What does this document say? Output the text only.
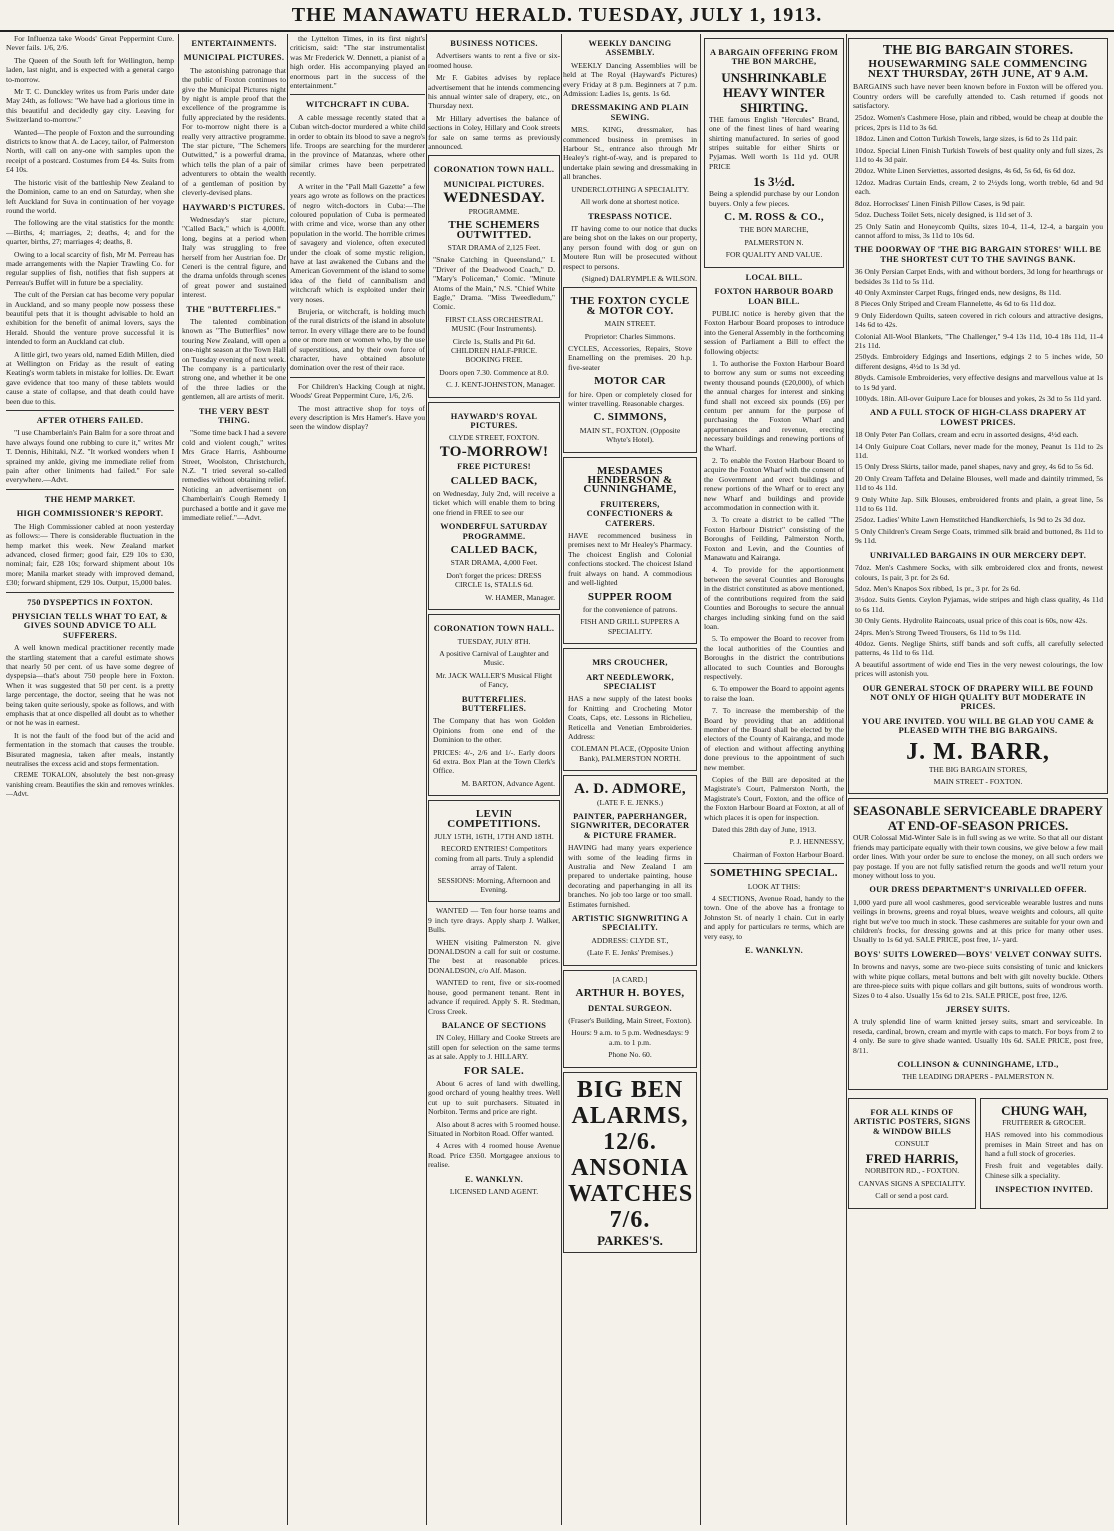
THE MANAWATU HERALD. TUESDAY, JULY 1, 1913.

For Influenza take Woods' Great Peppermint Cure. Never fails. 1/6, 2/6.

The Queen of the South left for Wellington, hemp laden, last night, and is expected with a general cargo to-morrow.

Mr T. C. Dunckley writes us from Paris under date May 24th, as follows: "We have had a glorious time in this beautiful and decidedly gay city. Leaving for Switzerland to-morrow."

Wanted—The people of Foxton and the surrounding districts to know that A. de Lacey, tailor, of Palmerston North, will call on any-one with samples upon the receipt of a postcard. Costumes from £4 4s. Suits from £4 10s.

The historic visit of the battleship New Zealand to the Dominion, came to an end on Saturday, when she left Auckland for Suva in continuation of her voyage round the world.

The following are the vital statistics for the month:—Births, 4; marriages, 2; deaths, 4; and for the quarter, births, 27; marriages 4; deaths, 8.

Owing to a local scarcity of fish, Mr M. Perreau has made arrangements with the Napier Trawling Co. for regular supplies of fish, notifies that fish suppers at Perreau's Buffet will in future be a speciality.

The cult of the Persian cat has become very popular in Auckland, and so many people now possess these beautiful pets that it is thought advisable to hold an exhibition for the benefit of animal lovers, says the Herald. Should the venture prove successful it is intended to form an Auckland cat club.

A little girl, two years old, named Edith Millen, died at Wellington on Friday as the result of eating Keating's worm tablets in mistake for lollies. Dr. Ewart gave evidence that too many of these tablets would cause a state of collapse, and that death could have been due to this.

AFTER OTHERS FAILED.

"I use Chamberlain's Pain Balm for a sore throat and have always found one rubbing to cure it," writes Mr T. Dennis, Hihitaki, N.Z. "It worked wonders when I sprained my ankle, giving me immediate relief from pain after other liniments had failed." For sale everywhere.—Advt.

THE HEMP MARKET.
HIGH COMMISSIONER'S REPORT.

The High Commissioner cabled at noon yesterday as follows:— There is considerable fluctuation in the hemp market this week. New Zealand market advanced, closed firmer; good fair, £29 10s to £30, nominal; fair, £28 10s; forward shipment about 10s more; Manila market steady with improved demand, £30; forward shipment, £29 10s. Output, 15,000 bales.

750 DYSPEPTICS IN FOXTON.
PHYSICIAN TELLS WHAT TO EAT, & GIVES SOUND ADVICE TO ALL SUFFERERS.

A well known medical practitioner recently made the startling statement that a careful estimate shows that nearly 50 per cent. of us have some degree of dyspepsia—that's about 750 people here in Foxton. When it was suggested that 50 per cent. is a pretty large percentage, the doctor, seeing that he was not being taken quite seriously, spoke as follows, and with emphasis that at once dispelled all doubt as to whether or not he was in earnest.

It is not the fault of the food but of the acid and fermentation in the stomach that causes the trouble. Bisurated magnesia, taken after meals, instantly neutralises the excess acid and stops fermentation.

CREME TOKALON, absolutely the best non-greasy vanishing cream. Beautifies the skin and removes wrinkles.—Advt.

ENTERTAINMENTS.
MUNICIPAL PICTURES.

The astonishing patronage that the public of Foxton continues to give the Municipal Pictures night by night is ample proof that the excellence of the programme is fully appreciated by the residents. For to-morrow night there is a really very attractive programme. The star picture, "The Schemers Outwitted," is a powerful drama, which tells the plan of a pair of adventurers to obtain the wealth of a gentleman of position by cleverly-devised plans.

HAYWARD'S PICTURES.

Wednesday's star picture, "Called Back," which is 4,000ft. long, begins at a period when Italy was struggling to free herself from her Austrian foe. Dr Ceneri is the central figure, and the drama unfolds through scenes of great power and sustained interest.

THE "BUTTERFLIES."

The talented combination known as "The Butterflies" now touring New Zealand, will open a one-night season at the Town Hall on Tuesday evening of next week. The company is a particularly strong one, and whether it be one of the three ladies or the gentlemen, all are artists of merit.

THE VERY BEST THING.

"Some time back I had a severe cold and violent cough," writes Mrs Grace Harris, Ashbourne Street, Woolston, Christchurch, N.Z. "I tried several so-called remedies without obtaining relief. Noticing an advertisement on Chamberlain's Cough Remedy I purchased a bottle and it gave me immediate relief."—Advt.

the Lyttelton Times, in its first night's criticism, said: "The star instrumentalist was Mr Frederick W. Dennett, a pianist of a high order. His accompanying played an enormous part in the success of the entertainment."

WITCHCRAFT IN CUBA.

A cable message recently stated that a Cuban witch-doctor murdered a white child in order to obtain its blood to save a negro's life. Troops are searching for the murderer in the province of Matanzas, where other similar crimes have been perpetrated recently.

A writer in the "Pall Mall Gazette" a few years ago wrote as follows on the practices of negro witch-doctors in Cuba:—The coloured population of Cuba is permeated with crime and vice, worse than any other population in the world. The horrible crimes of savagery and violence, often executed under the cloak of some mystic religion, have at last awakened the Cubans and the American Government of the island to some idea of the field of cannibalism and witchcraft which is exploited under their very noses.

Brujeria, or witchcraft, is holding much of the rural districts of the island in absolute terror. In every village there are to be found one or more men or women who, by the use of superstitious, and by their own force of character, have obtained absolute domination over the rest of their race.

For Children's Hacking Cough at night, Woods' Great Peppermint Cure, 1/6, 2/6.

The most attractive shop for toys of every description is Mrs Hamer's. Have you seen the window display?

BUSINESS NOTICES.

Advertisers wants to rent a five or six-roomed house.

Mr F. Gabites advises by replace advertisement that he intends commencing his annual winter sale of drapery, etc., on Thursday next.

Mr Hillary advertises the balance of sections in Coley, Hillary and Cook streets for sale on same terms as previously announced.

CORONATION TOWN HALL.
MUNICIPAL PICTURES.
WEDNESDAY.
PROGRAMME.
THE SCHEMERS OUTWITTED.
STAR DRAMA of 2,125 Feet.

"Snake Catching in Queensland," I. "Driver of the Deadwood Coach," D. "Mary's Policeman," Comic. "Minute Atoms of the Main," N.S. "Chief White Eagle," Drama. "Miss Tweedledum," Comic.

FIRST CLASS ORCHESTRAL MUSIC (Four Instruments).

Circle 1s, Stalls and Pit 6d. CHILDREN HALF-PRICE. BOOKING FREE.

Doors open 7.30. Commence at 8.0.

C. J. KENT-JOHNSTON, Manager.
HAYWARD'S ROYAL PICTURES.
CLYDE STREET, FOXTON.
TO-MORROW!
FREE PICTURES!
CALLED BACK,

on Wednesday, July 2nd, will receive a ticket which will enable them to bring one friend in FREE to see our

WONDERFUL SATURDAY PROGRAMME.
CALLED BACK,
STAR DRAMA, 4,000 Feet.

Don't forget the prices: DRESS CIRCLE 1s, STALLS 6d.

W. HAMER, Manager.
CORONATION TOWN HALL.
TUESDAY, JULY 8TH.

A positive Carnival of Laughter and Music.

Mr. JACK WALLER'S Musical Flight of Fancy,

BUTTERFLIES. BUTTERFLIES.

The Company that has won Golden Opinions from one end of the Dominion to the other.

PRICES: 4/-, 2/6 and 1/-. Early doors 6d extra. Box Plan at the Town Clerk's Office.

M. BARTON, Advance Agent.
LEVIN COMPETITIONS.
JULY 15TH, 16TH, 17TH AND 18TH.

RECORD ENTRIES! Competitors coming from all parts. Truly a splendid array of Talent.

SESSIONS: Morning, Afternoon and Evening.

WANTED — Ten four horse teams and 9 inch tyre drays. Apply sharp J. Walker, Bulls.

WHEN visiting Palmerston N. give DONALDSON a call for suit or costume. The best at reasonable prices. DONALDSON, c/o Alf. Mason.

WANTED to rent, five or six-roomed house, good permanent tenant. Rent in advance if required. Apply S. R. Stedman, Cross Creek.

BALANCE OF SECTIONS

IN Coley, Hillary and Cooke Streets are still open for selection on the same terms as at sale. Apply to J. HILLARY.

FOR SALE.

About 6 acres of land with dwelling, good orchard of young healthy trees. Well cut up to suit purchasers. Situated in Norbiton. Terms and price are right.

Also about 8 acres with 5 roomed house. Situated in Norbiton Road. Offer wanted.

4 Acres with 4 roomed house Avenue Road. Price £350. Mortgagee anxious to realise.

E. WANKLYN.
LICENSED LAND AGENT.
WEEKLY DANCING ASSEMBLY.

WEEKLY Dancing Assemblies will be held at The Royal (Hayward's Pictures) every Friday at 8 p.m. Beginners at 7 p.m. Admission: Ladies 1s, gents. 1s 6d.

DRESSMAKING AND PLAIN SEWING.

MRS. KING, dressmaker, has commenced business in premises in Harbour St., entrance also through Mr Healey's right-of-way, and is prepared to undertake plain sewing and dressmaking in all branches.

UNDERCLOTHING A SPECIALITY.
All work done at shortest notice.
TRESPASS NOTICE.

IT having come to our notice that ducks are being shot on the lakes on our property, any person found with dog or gun on Moutere Run will be prosecuted without respect to persons.

(Signed) DALRYMPLE & WILSON.
THE FOXTON CYCLE & MOTOR COY.
MAIN STREET.
Proprietor: Charles Simmons.

CYCLES, Accessories, Repairs, Stove Enamelling on the premises. 20 h.p. five-seater

MOTOR CAR

for hire. Open or completely closed for winter travelling. Reasonable charges.

C. SIMMONS,
MAIN ST., FOXTON. (Opposite Whyte's Hotel).
MESDAMES HENDERSON & CUNNINGHAME,
FRUITERERS, CONFECTIONERS & CATERERS.

HAVE recommenced business in premises next to Mr Healey's Pharmacy. The choicest English and Colonial confections stocked. The choicest Island fruit always on hand. A commodious and well-lighted

SUPPER ROOM
for the convenience of patrons.
FISH AND GRILL SUPPERS A SPECIALITY.
MRS CROUCHER,
ART NEEDLEWORK, SPECIALIST

HAS a new supply of the latest books for Knitting and Crocheting Motor Coats, Caps, etc. Lessons in Richelieu, Reticella and Venetian Embroideries. Address:

COLEMAN PLACE, (Opposite Union Bank), PALMERSTON NORTH.
A. D. ADMORE,
(LATE F. E. JENKS.)
PAINTER, PAPERHANGER, SIGNWRITER, DECORATER & PICTURE FRAMER.

HAVING had many years experience with some of the leading firms in Australia and New Zealand I am prepared to undertake painting, house decorating and paperhanging in all its branches. No job too large or too small. Estimates furnished.

ARTISTIC SIGNWRITING A SPECIALITY.
ADDRESS: CLYDE ST.,
(Late F. E. Jenks' Premises.)
[A CARD.]
ARTHUR H. BOYES,
DENTAL SURGEON.
(Fraser's Building, Main Street, Foxton).
Hours: 9 a.m. to 5 p.m. Wednesdays: 9 a.m. to 1 p.m.
Phone No. 60.
BIG BEN
ALARMS,
12/6.
ANSONIA
WATCHES
7/6.
PARKES'S.
A BARGAIN OFFERING FROM THE BON MARCHE,
UNSHRINKABLE HEAVY WINTER SHIRTING.

THE famous English "Hercules" Brand, one of the finest lines of hard wearing shirting manufactured. In series of good stripes suitable for either Shirts or Pyjamas. Well worth 1s 11d yd. OUR PRICE

1s 3½d.

Being a splendid purchase by our London buyers. Only a few pieces.

C. M. ROSS & CO.,
THE BON MARCHE,
PALMERSTON N.
FOR QUALITY AND VALUE.
LOCAL BILL.
FOXTON HARBOUR BOARD LOAN BILL.

PUBLIC notice is hereby given that the Foxton Harbour Board proposes to introduce into the General Assembly in the forthcoming session of Parliament a Bill to effect the following objects:

1. To authorise the Foxton Harbour Board to borrow any sum or sums not exceeding twenty thousand pounds (£20,000), of which the annual charges for interest and sinking fund shall not exceed six pounds (£6) per centum per annum for the purpose of purchasing the Foxton Wharf and appurtenances and revenue, erecting necessary buildings and renewing portions of the Wharf.

2. To enable the Foxton Harbour Board to acquire the Foxton Wharf with the consent of the Government and erect buildings and renew portions of the Wharf or to erect any new Wharf and buildings and provide accommodation in connection with it.

3. To create a district to be called "The Foxton Harbour District" consisting of the Boroughs of Feilding, Palmerston North, Foxton and Levin, and the Counties of Manawatu and Kairanga.

4. To provide for the apportionment between the several Counties and Boroughs in the district constituted as above mentioned, of the contributions required from the said Counties and Boroughs to secure the annual charges including sinking fund on the said loan.

5. To empower the Board to recover from the local authorities of the Counties and Boroughs in the district the contributions allocated to such Counties and Boroughs respectively.

6. To empower the Board to appoint agents to raise the loan.

7. To increase the membership of the Board by providing that an additional member of the Board shall be elected by the electors of the County of Kairanga, and mode of election and without affecting anything done previous to the appointment of such new member.

Copies of the Bill are deposited at the Magistrate's Court, Palmerston North, the Magistrate's Court, Foxton, and the office of the Foxton Harbour Board at Foxton, at all of which places it is open for inspection.

Dated this 28th day of June, 1913.

P. J. HENNESSY,
Chairman of Foxton Harbour Board.
SOMETHING SPECIAL.
LOOK AT THIS:

4 SECTIONS, Avenue Road, handy to the town. One of the above has a frontage to Johnston St. of nearly 1 chain. Cut in early and apply for particulars re terms, which are very easy, to

E. WANKLYN.
THE BIG BARGAIN STORES.
HOUSEWARMING SALE COMMENCING NEXT THURSDAY, 26TH JUNE, AT 9 A.M.

BARGAINS such have never been known before in Foxton will be offered you. Country orders will be carefully attended to. Cash returned if goods not satisfactory.

25doz. Women's Cashmere Hose, plain and ribbed, would be cheap at double the prices, 2prs is 11d to 3s 6d.

18doz. Linen and Cotton Turkish Towels, large sizes, is 6d to 2s 11d pair.

10doz. Special Linen Finish Turkish Towels of best quality only and full sizes, 2s 11d to 4s 3d pair.

20doz. White Linen Serviettes, assorted designs, 4s 6d, 5s 6d, 6s 6d doz.

12doz. Madras Curtain Ends, cream, 2 to 2½yds long, worth treble, 6d and 9d each.

8doz. Horrockses' Linen Finish Pillow Cases, is 9d pair.

5doz. Duchess Toilet Sets, nicely designed, is 11d set of 3.

25 Only Satin and Honeycomb Quilts, sizes 10-4, 11-4, 12-4, a bargain you cannot afford to miss, 3s 11d to 10s 6d.

THE DOORWAY OF 'THE BIG BARGAIN STORES' WILL BE THE SHORTEST CUT TO THE SAVINGS BANK.

36 Only Persian Carpet Ends, with and without borders, 3d long for hearthrugs or bedsides 3s 11d to 5s 11d.

40 Only Axminster Carpet Rugs, fringed ends, new designs, 8s 11d.

8 Pieces Only Striped and Cream Flannelette, 4s 6d to 6s 11d doz.

9 Only Eiderdown Quilts, sateen covered in rich colours and attractive designs, 14s 6d to 42s.

Colonial All-Wool Blankets, "The Challenger," 9-4 13s 11d, 10-4 18s 11d, 11-4 21s 11d.

250yds. Embroidery Edgings and Insertions, edgings 2 to 5 inches wide, 50 different designs, 4½d to 1s 3d yd.

80yds. Camisole Embroideries, very effective designs and marvellous value at 1s to 1s 9d yard.

100yds. 18in. All-over Guipure Lace for blouses and yokes, 2s 3d to 5s 11d yard.

AND A FULL STOCK OF HIGH-CLASS DRAPERY AT LOWEST PRICES.

18 Only Peter Pan Collars, cream and ecru in assorted designs, 4½d each.

14 Only Guipure Coat Collars, never made for the money, Peanut 1s 11d to 2s 11d.

15 Only Dress Skirts, tailor made, panel shapes, navy and grey, 4s 6d to 5s 6d.

20 Only Cream Taffeta and Delaine Blouses, well made and daintily trimmed, 5s 11d to 4s 11d.

9 Only White Jap. Silk Blouses, embroidered fronts and plain, a great line, 5s 11d to 6s 11d.

25doz. Ladies' White Lawn Hemstitched Handkerchiefs, 1s 9d to 2s 3d doz.

5 Only Children's Cream Serge Coats, trimmed silk braid and buttoned, 8s 11d to 9s 11d.

UNRIVALLED BARGAINS IN OUR MERCERY DEPT.

7doz. Men's Cashmere Socks, with silk embroidered clox and fronts, newest colours, 1s pair, 3 pr. for 2s 6d.

5doz. Men's Knapos Sox ribbed, 1s pr., 3 pr. for 2s 6d.

3½doz. Suits Gents. Ceylon Pyjamas, wide stripes and high class quality, 4s 11d to 6s 11d.

30 Only Gents. Hydrolite Raincoats, usual price of this coat is 60s, now 42s.

24prs. Men's Strong Tweed Trousers, 6s 11d to 9s 11d.

40doz. Gents. Neglige Shirts, stiff bands and soft cuffs, all carefully selected patterns, 4s 11d to 6s 11d.

A beautiful assortment of wide end Ties in the very newest colourings, the low prices will astonish you.

OUR GENERAL STOCK OF DRAPERY WILL BE FOUND NOT ONLY OF HIGH QUALITY BUT MODERATE IN PRICES.
YOU ARE INVITED. YOU WILL BE GLAD YOU CAME & PLEASED WITH THE BIG BARGAINS.
J. M. BARR,
THE BIG BARGAIN STORES,
MAIN STREET - FOXTON.
SEASONABLE SERVICEABLE DRAPERY AT END-OF-SEASON PRICES.

OUR Colossal Mid-Winter Sale is in full swing as we write. So that all our distant friends may participate equally with their town cousins, we give below a few mail order lines. With your order be sure to enclose the money, on all such orders we pay postage. If you are not fully satisfied return the goods and we'll return your money without loss to you.

OUR DRESS DEPARTMENT'S UNRIVALLED OFFER.

1,000 yard pure all wool cashmeres, good serviceable wearable lustres and nuns veilings in browns, greens and royal blues, weave weights and colours, all quite right but we've too much in stock. These cashmeres are suitable for your own and children's frocks, for dressing gowns and at this price for many other uses. Usually to 1s 6d yd. SALE PRICE, post free, 1/- yard.

BOYS' SUITS LOWERED—BOYS' VELVET CONWAY SUITS.

In browns and navys, some are two-piece suits consisting of tunic and knickers with white pique collars, metal buttons and belt with gilt novelty buckle. Others are three-piece suits with pique collars and gilt buttons, suits of wondrous worth. Sizes 0 to 4 also. Usually 15s 6d to 21s. SALE PRICE, post free, 12/6.

JERSEY SUITS.

A truly splendid line of warm knitted jersey suits, smart and serviceable. In reseda, cardinal, brown, cream and myrtle with caps to match. For boys from 2 to 4 only. Be sure to give shade wanted. Usually 10s 6d. SALE PRICE, post free, 8/11.

COLLINSON & CUNNINGHAME, LTD.,
THE LEADING DRAPERS - PALMERSTON N.
FOR ALL KINDS OF ARTISTIC POSTERS, SIGNS & WINDOW BILLS
CONSULT
FRED HARRIS,
NORBITON RD., - FOXTON.
CANVAS SIGNS A SPECIALITY.
Call or send a post card.
CHUNG WAH,
FRUITERER & GROCER.

HAS removed into his commodious premises in Main Street and has on hand a full stock of groceries.

Fresh fruit and vegetables daily. Chinese silk a speciality.

INSPECTION INVITED.
